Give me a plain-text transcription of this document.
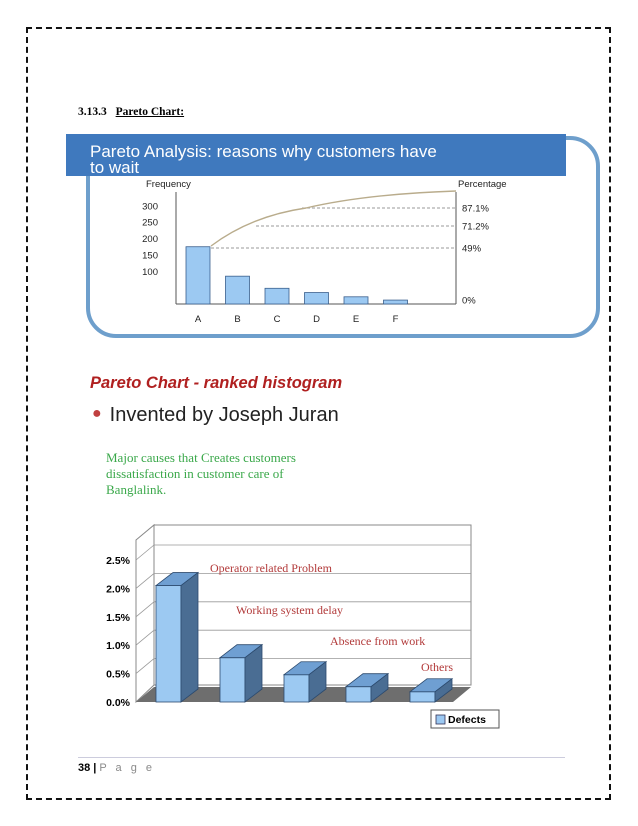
3.13.3 Pareto Chart:
Pareto Analysis: reasons why customers have
to wait
Frequency	Percentage
100
150
200
250
300	87.1%
71.2%
49%
0%
A	B	C	D	E	F
Pareto Chart - ranked histogram
● Invented by Joseph Juran
Major causes that Creates customers
dissatisfaction in customer care of
Banglalink.
0.0%
0.5%
1.0%
1.5%
2.0%
2.5%	Operator related Problem
Working system delay
Absence from work
Others
Defects
38 | P a g e
